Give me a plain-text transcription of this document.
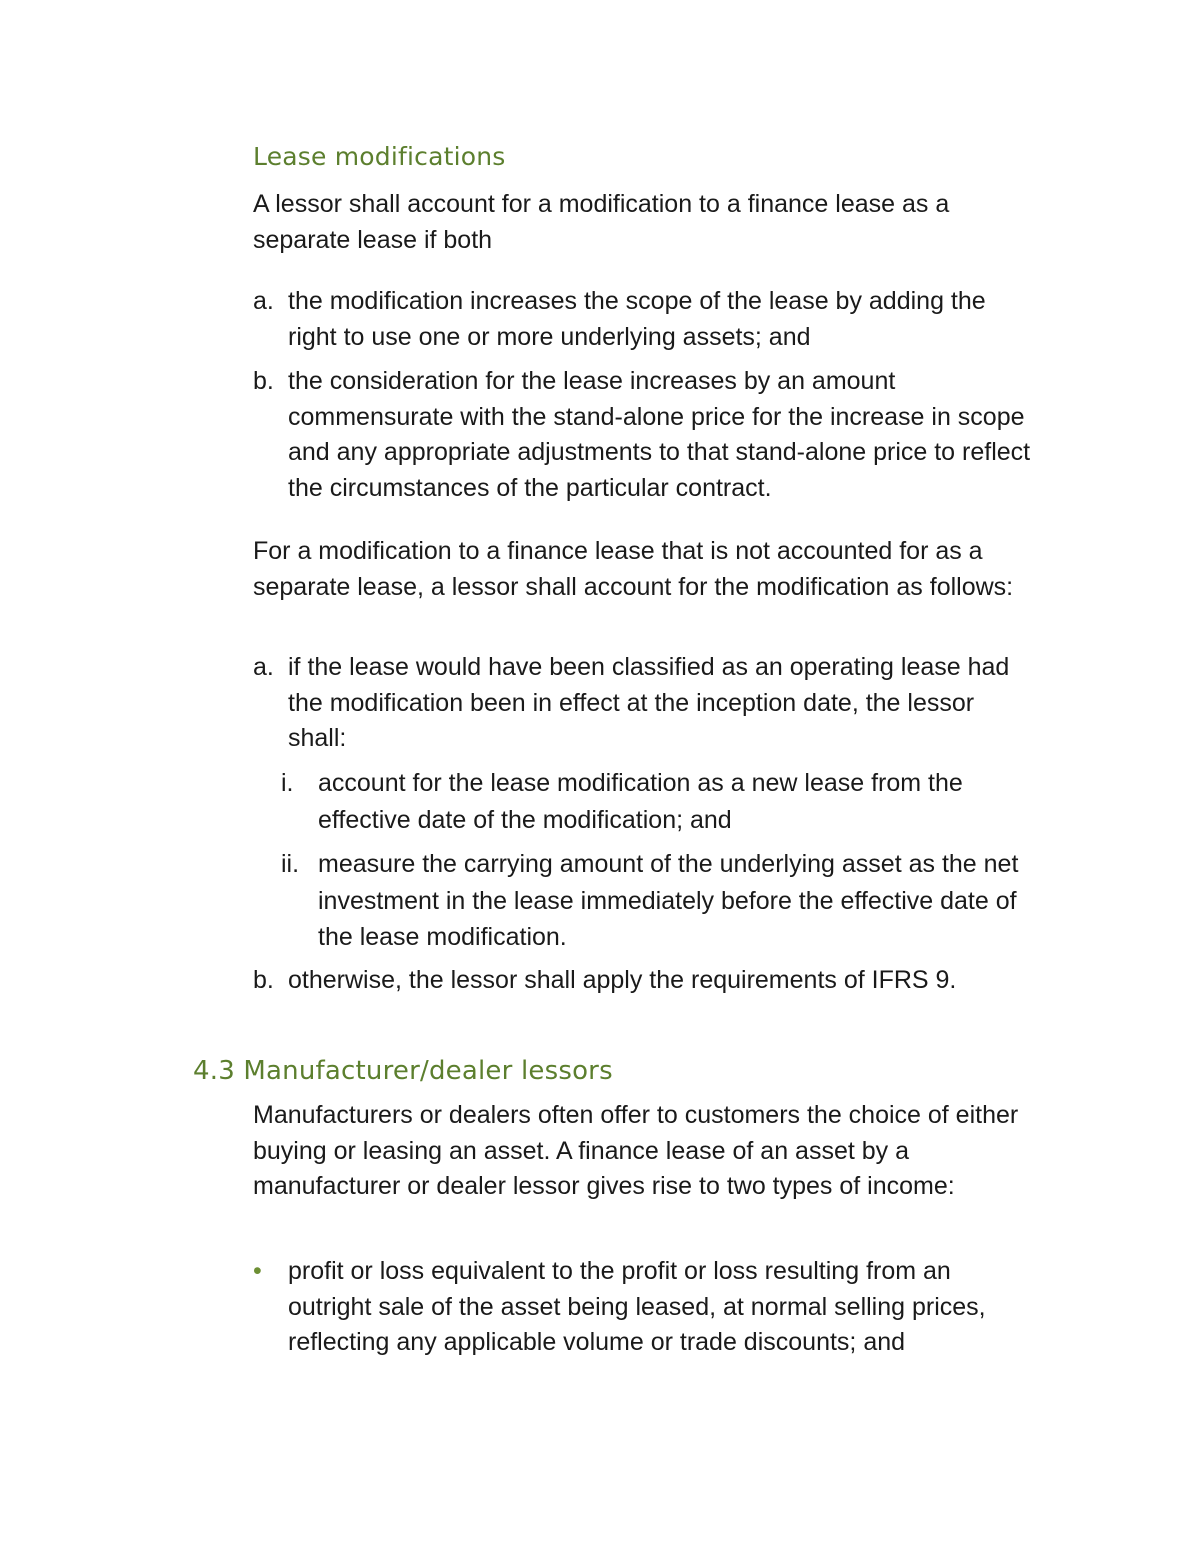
Lease modifications

A lessor shall account for a modification to a finance lease as a separate lease if both

a. the modification increases the scope of the lease by adding the right to use one or more underlying assets; and
b. the consideration for the lease increases by an amount commensurate with the stand-alone price for the increase in scope and any appropriate adjustments to that stand-alone price to reflect the circumstances of the particular contract.

For a modification to a finance lease that is not accounted for as a separate lease, a lessor shall account for the modification as follows:

a. if the lease would have been classified as an operating lease had the modification been in effect at the inception date, the lessor shall:
i. account for the lease modification as a new lease from the effective date of the modification; and
ii. measure the carrying amount of the underlying asset as the net investment in the lease immediately before the effective date of the lease modification.
b. otherwise, the lessor shall apply the requirements of IFRS 9.
4.3 Manufacturer/dealer lessors

Manufacturers or dealers often offer to customers the choice of either buying or leasing an asset. A finance lease of an asset by a manufacturer or dealer lessor gives rise to two types of income:

• profit or loss equivalent to the profit or loss resulting from an outright sale of the asset being leased, at normal selling prices, reflecting any applicable volume or trade discounts; and
